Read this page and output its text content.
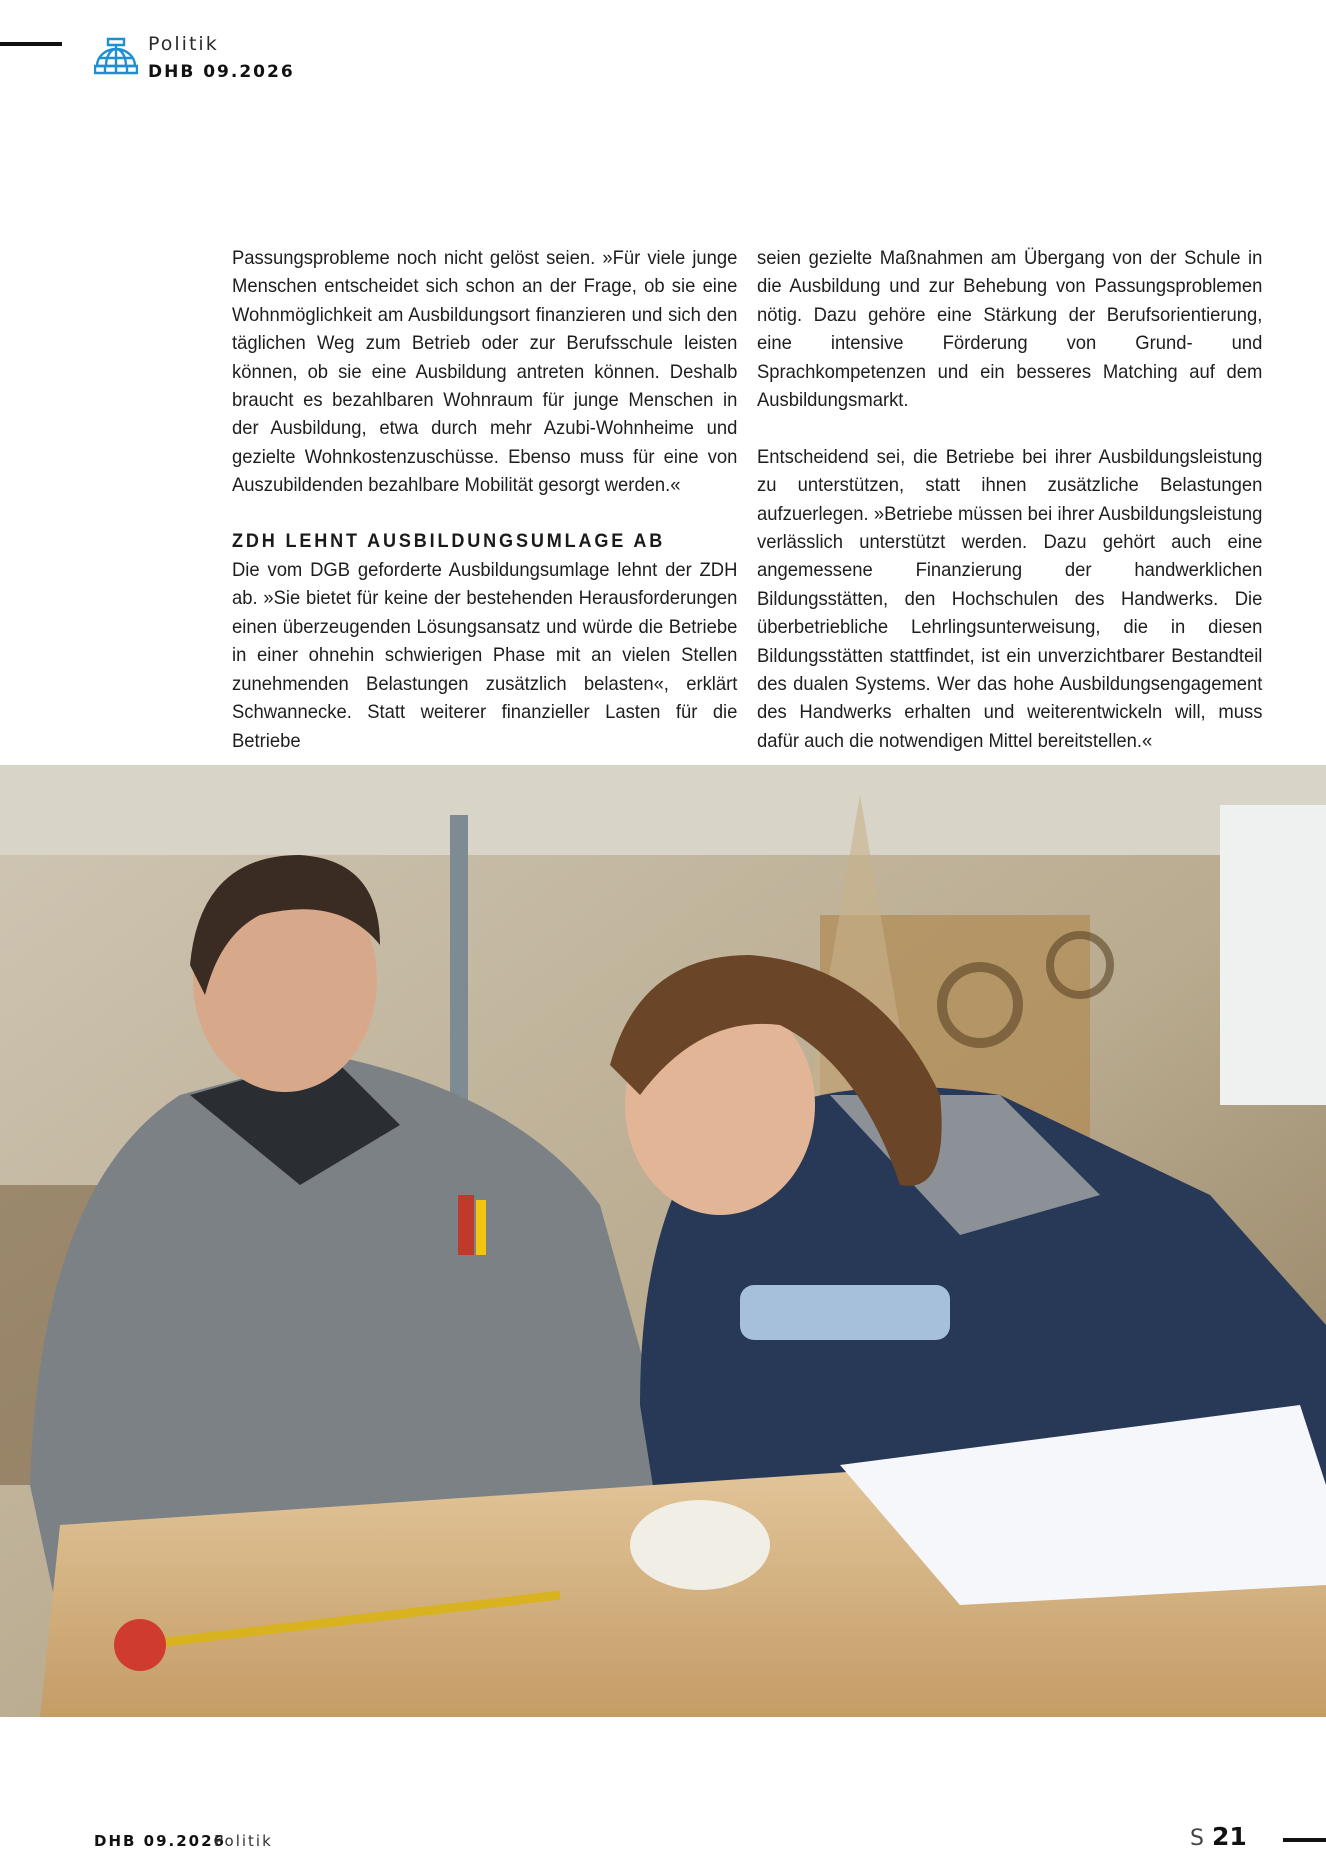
Politik
DHB 09.2026

Passungsprobleme noch nicht gelöst seien. »Für viele junge Menschen entscheidet sich schon an der Frage, ob sie eine Wohnmöglichkeit am Ausbildungsort finanzieren und sich den täglichen Weg zum Betrieb oder zur Berufsschule leisten können, ob sie eine Ausbildung antreten können. Deshalb braucht es bezahlbaren Wohnraum für junge Menschen in der Ausbildung, etwa durch mehr Azubi-Wohnheime und gezielte Wohnkostenzuschüsse. Ebenso muss für eine von Auszubildenden bezahlbare Mobilität gesorgt werden.«

ZDH LEHNT AUSBILDUNGSUMLAGE AB

Die vom DGB geforderte Ausbildungsumlage lehnt der ZDH ab. »Sie bietet für keine der bestehenden Herausforderungen einen überzeugenden Lösungsansatz und würde die Betriebe in einer ohnehin schwierigen Phase mit an vielen Stellen zunehmenden Belastungen zusätzlich belasten«, erklärt Schwannecke. Statt weiterer finanzieller Lasten für die Betriebe

seien gezielte Maßnahmen am Übergang von der Schule in die Ausbildung und zur Behebung von Passungsproblemen nötig. Dazu gehöre eine Stärkung der Berufsorientierung, eine intensive Förderung von Grund- und Sprachkompetenzen und ein besseres Matching auf dem Ausbildungsmarkt.

Entscheidend sei, die Betriebe bei ihrer Ausbildungsleistung zu unterstützen, statt ihnen zusätzliche Belastungen aufzuerlegen. »Betriebe müssen bei ihrer Ausbildungsleistung verlässlich unterstützt werden. Dazu gehört auch eine angemessene Finanzierung der handwerklichen Bildungsstätten, den Hochschulen des Handwerks. Die überbetriebliche Lehrlingsunterweisung, die in diesen Bildungsstätten stattfindet, ist ein unverzichtbarer Bestandteil des dualen Systems. Wer das hohe Ausbildungsengagement des Handwerks erhalten und weiterentwickeln will, muss dafür auch die notwendigen Mittel bereitstellen.«

DHB 09.2026
Politik	S 21
